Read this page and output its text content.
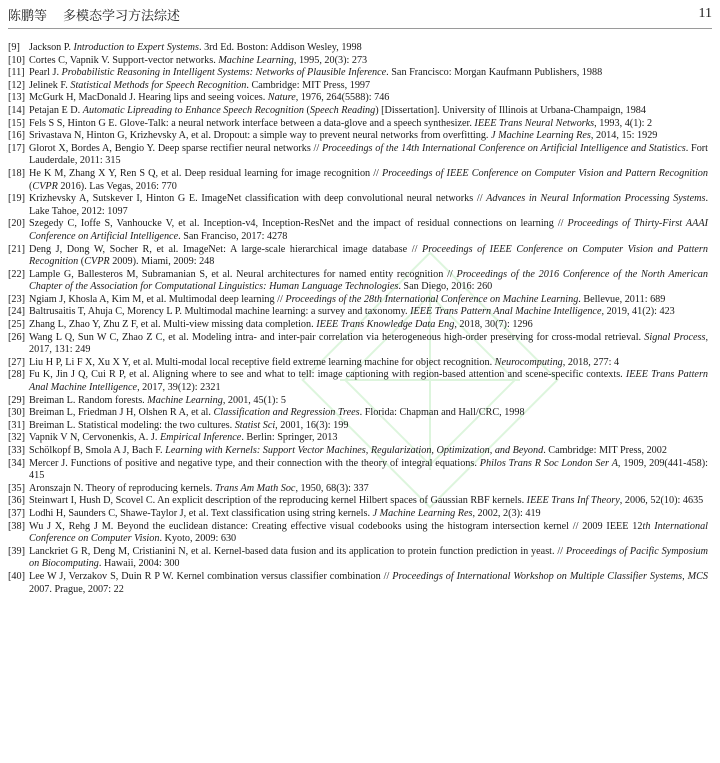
陈鹏等 多模态学习方法综述	11
[9] Jackson P. Introduction to Expert Systems. 3rd Ed. Boston: Addison Wesley, 1998
[10] Cortes C, Vapnik V. Support-vector networks. Machine Learning, 1995, 20(3): 273
[11] Pearl J. Probabilistic Reasoning in Intelligent Systems: Networks of Plausible Inference. San Francisco: Morgan Kaufmann Publishers, 1988
[12] Jelinek F. Statistical Methods for Speech Recognition. Cambridge: MIT Press, 1997
[13] McGurk H, MacDonald J. Hearing lips and seeing voices. Nature, 1976, 264(5588): 746
[14] Petajan E D. Automatic Lipreading to Enhance Speech Recognition (Speech Reading) [Dissertation]. University of Illinois at Urbana-Champaign, 1984
[15] Fels S S, Hinton G E. Glove-Talk: a neural network interface between a data-glove and a speech synthesizer. IEEE Trans Neural Networks, 1993, 4(1): 2
[16] Srivastava N, Hinton G, Krizhevsky A, et al. Dropout: a simple way to prevent neural networks from overfitting. J Machine Learning Res, 2014, 15: 1929
[17] Glorot X, Bordes A, Bengio Y. Deep sparse rectifier neural networks // Proceedings of the 14th International Conference on Artificial Intelligence and Statistics. Fort Lauderdale, 2011: 315
[18] He K M, Zhang X Y, Ren S Q, et al. Deep residual learning for image recognition // Proceedings of IEEE Conference on Computer Vision and Pattern Recognition (CVPR 2016). Las Vegas, 2016: 770
[19] Krizhevsky A, Sutskever I, Hinton G E. ImageNet classification with deep convolutional neural networks // Advances in Neural Information Processing Systems. Lake Tahoe, 2012: 1097
[20] Szegedy C, Ioffe S, Vanhoucke V, et al. Inception-v4, Inception-ResNet and the impact of residual connections on learning // Proceedings of Thirty-First AAAI Conference on Artificial Intelligence. San Franciso, 2017: 4278
[21] Deng J, Dong W, Socher R, et al. ImageNet: A large-scale hierarchical image database // Proceedings of IEEE Conference on Computer Vision and Pattern Recognition (CVPR 2009). Miami, 2009: 248
[22] Lample G, Ballesteros M, Subramanian S, et al. Neural architectures for named entity recognition // Proceedings of the 2016 Conference of the North American Chapter of the Association for Computational Linguistics: Human Language Technologies. San Diego, 2016: 260
[23] Ngiam J, Khosla A, Kim M, et al. Multimodal deep learning // Proceedings of the 28th International Conference on Machine Learning. Bellevue, 2011: 689
[24] Baltrusaitis T, Ahuja C, Morency L P. Multimodal machine learning: a survey and taxonomy. IEEE Trans Pattern Anal Machine Intelligence, 2019, 41(2): 423
[25] Zhang L, Zhao Y, Zhu Z F, et al. Multi-view missing data completion. IEEE Trans Knowledge Data Eng, 2018, 30(7): 1296
[26] Wang L Q, Sun W C, Zhao Z C, et al. Modeling intra- and inter-pair correlation via heterogeneous high-order preserving for cross-modal retrieval. Signal Process, 2017, 131: 249
[27] Liu H P, Li F X, Xu X Y, et al. Multi-modal local receptive field extreme learning machine for object recognition. Neurocomputing, 2018, 277: 4
[28] Fu K, Jin J Q, Cui R P, et al. Aligning where to see and what to tell: image captioning with region-based attention and scene-specific contexts. IEEE Trans Pattern Anal Machine Intelligence, 2017, 39(12): 2321
[29] Breiman L. Random forests. Machine Learning, 2001, 45(1): 5
[30] Breiman L, Friedman J H, Olshen R A, et al. Classification and Regression Trees. Florida: Chapman and Hall/CRC, 1998
[31] Breiman L. Statistical modeling: the two cultures. Statist Sci, 2001, 16(3): 199
[32] Vapnik V N, Cervonenkis, A. J. Empirical Inference. Berlin: Springer, 2013
[33] Schölkopf B, Smola A J, Bach F. Learning with Kernels: Support Vector Machines, Regularization, Optimization, and Beyond. Cambridge: MIT Press, 2002
[34] Mercer J. Functions of positive and negative type, and their connection with the theory of integral equations. Philos Trans R Soc London Ser A, 1909, 209(441-458): 415
[35] Aronszajn N. Theory of reproducing kernels. Trans Am Math Soc, 1950, 68(3): 337
[36] Steinwart I, Hush D, Scovel C. An explicit description of the reproducing kernel Hilbert spaces of Gaussian RBF kernels. IEEE Trans Inf Theory, 2006, 52(10): 4635
[37] Lodhi H, Saunders C, Shawe-Taylor J, et al. Text classification using string kernels. J Machine Learning Res, 2002, 2(3): 419
[38] Wu J X, Rehg J M. Beyond the euclidean distance: Creating effective visual codebooks using the histogram intersection kernel // 2009 IEEE 12th International Conference on Computer Vision. Kyoto, 2009: 630
[39] Lanckriet G R, Deng M, Cristianini N, et al. Kernel-based data fusion and its application to protein function prediction in yeast. // Proceedings of Pacific Symposium on Biocomputing. Hawaii, 2004: 300
[40] Lee W J, Verzakov S, Duin R P W. Kernel combination versus classifier combination // Proceedings of International Workshop on Multiple Classifier Systems, MCS 2007. Prague, 2007: 22
